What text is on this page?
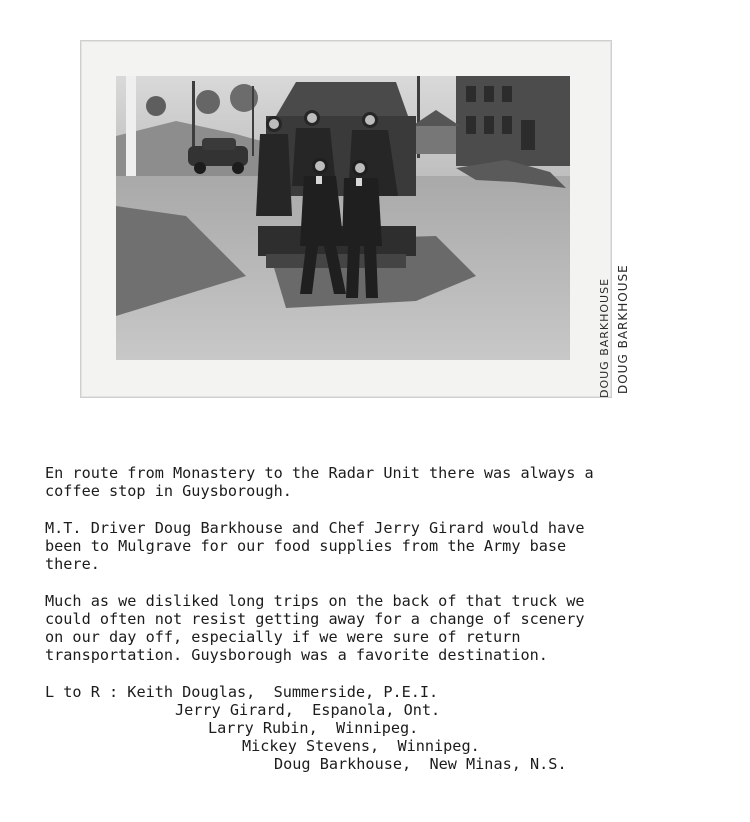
DOUG BARKHOUSE DOUG BARKHOUSE

En route from Monastery to the Radar Unit there was always a
coffee stop in Guysborough.

M.T. Driver Doug Barkhouse and Chef Jerry Girard would have
been to Mulgrave for our food supplies from the Army base
there.

Much as we disliked long trips on the back of that truck we
could often not resist getting away for a change of scenery
on our day off, especially if we were sure of return
transportation. Guysborough was a favorite destination.

L to R : Keith Douglas,  Summerside, P.E.I.
Jerry Girard,  Espanola, Ont.
Larry Rubin,  Winnipeg.
Mickey Stevens,  Winnipeg.
Doug Barkhouse,  New Minas, N.S.
